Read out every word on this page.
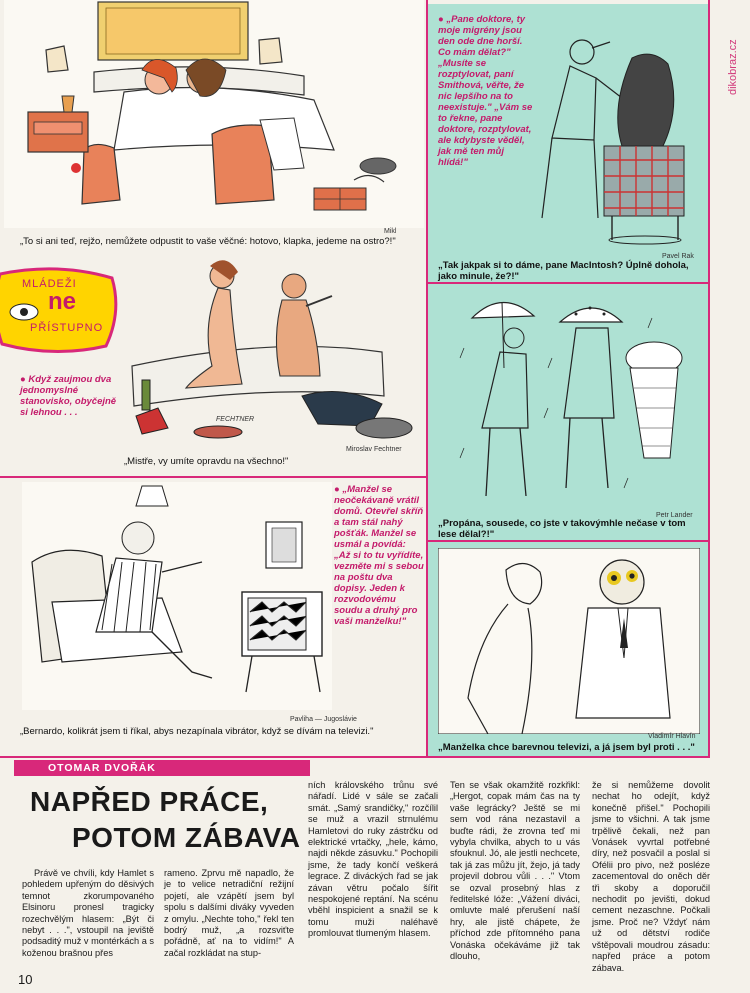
dikobraz.cz
Mikl
„To si ani teď, rejžo, nemůžete odpustit to vaše věčné: hotovo, klapka, jedeme na ostro?!"
● „Pane doktore, ty moje migrény jsou den ode dne horší. Co mám dělat?" „Musíte se rozptylovat, paní Smithová, věřte, že nic lepšího na to neexistuje." „Vám se to řekne, pane doktore, rozptylovat, ale kdybyste věděl, jak mě ten můj hlídá!"
Pavel Rak
„Tak jakpak si to dáme, pane MacIntosh? Úplně dohola, jako minule, že?!"
MLÁDEŽI
ne
PŘÍSTUPNO
● Když zaujmou dva jednomyslné stanovisko, obyčejně si lehnou . . .
FECHTNER
Miroslav Fechtner
„Mistře, vy umíte opravdu na všechno!"
Petr Lander
„Propána, sousede, co jste v takovýmhle nečase v tom lese dělal?!"
● „Manžel se neočekávaně vrátil domů. Otevřel skříň a tam stál nahý pošťák. Manžel se usmál a povídá: „Až si to tu vyřídíte, vezměte mi s sebou na poštu dva dopisy. Jeden k rozvodovému soudu a druhý pro vaši manželku!"
Pavliha — Jugoslávie
„Bernardo, kolikrát jsem ti říkal, abys nezapínala vibrátor, když se dívám na televizi."	Vladimír Hlavín
„Manželka chce barevnou televizi, a já jsem byl proti . . ."
OTOMAR DVOŘÁK
NAPŘED PRÁCE,
POTOM ZÁBAVA

Právě ve chvíli, kdy Hamlet s pohledem upřeným do děsivých temnot zkorumpovaného Elsinoru pronesl tragicky rozechvělým hlasem: „Být či nebyt . . .", vstoupil na jeviště podsaditý muž v montérkách a s koženou brašnou přes

rameno. Zprvu mě napadlo, že je to velice netradiční režijní pojetí, ale vzápětí jsem byl spolu s dalšími diváky vyveden z omylu. „Nechte toho," řekl ten bodrý muž, „a rozsviťte pořádně, ať na to vidím!" A začal rozkládat na stup-

ních královského trůnu své nářadí. Lidé v sále se začali smát. „Samý srandičky," rozčílil se muž a vrazil strnulému Hamletovi do ruky zástrčku od elektrické vrtačky, „hele, kámo, najdi někde zásuvku." Pochopili jsme, že tady končí veškerá legrace. Z diváckých řad se jak závan větru počalo šířit nespokojené reptání. Na scénu vběhl inspicient a snažil se k tomu muži naléhavě promlouvat tlumeným hlasem.

Ten se však okamžitě rozkřikl: „Hergot, copak mám čas na ty vaše legrácky? Ještě se mi sem vod rána nezastavil a buďte rádi, že zrovna teď mi vybyla chvilka, abych to u vás sfouknul. Jó, ale jestli nechcete, tak já zas můžu jít, žejo, já tady projevil dobrou vůli . . ." Vtom se ozval prosebný hlas z ředitelské lóže: „Vážení diváci, omluvte malé přerušení naší hry, ale jistě chápete, že příchod zde přítomného pana Vonáska očekáváme již tak dlouho,

že si nemůžeme dovolit nechat ho odejít, když konečně přišel." Pochopili jsme to všichni. A tak jsme trpělivě čekali, než pan Vonásek vyvrtal potřebné díry, než posvačil a poslal si Ofélii pro pivo, než posléze zacementoval do oněch děr tři skoby a doporučil nechodit po jevišti, dokud cement nezaschne. Počkali jsme. Proč ne? Vždyť nám už od dětství rodiče vštěpovali moudrou zásadu: napřed práce a potom zábava.

10
